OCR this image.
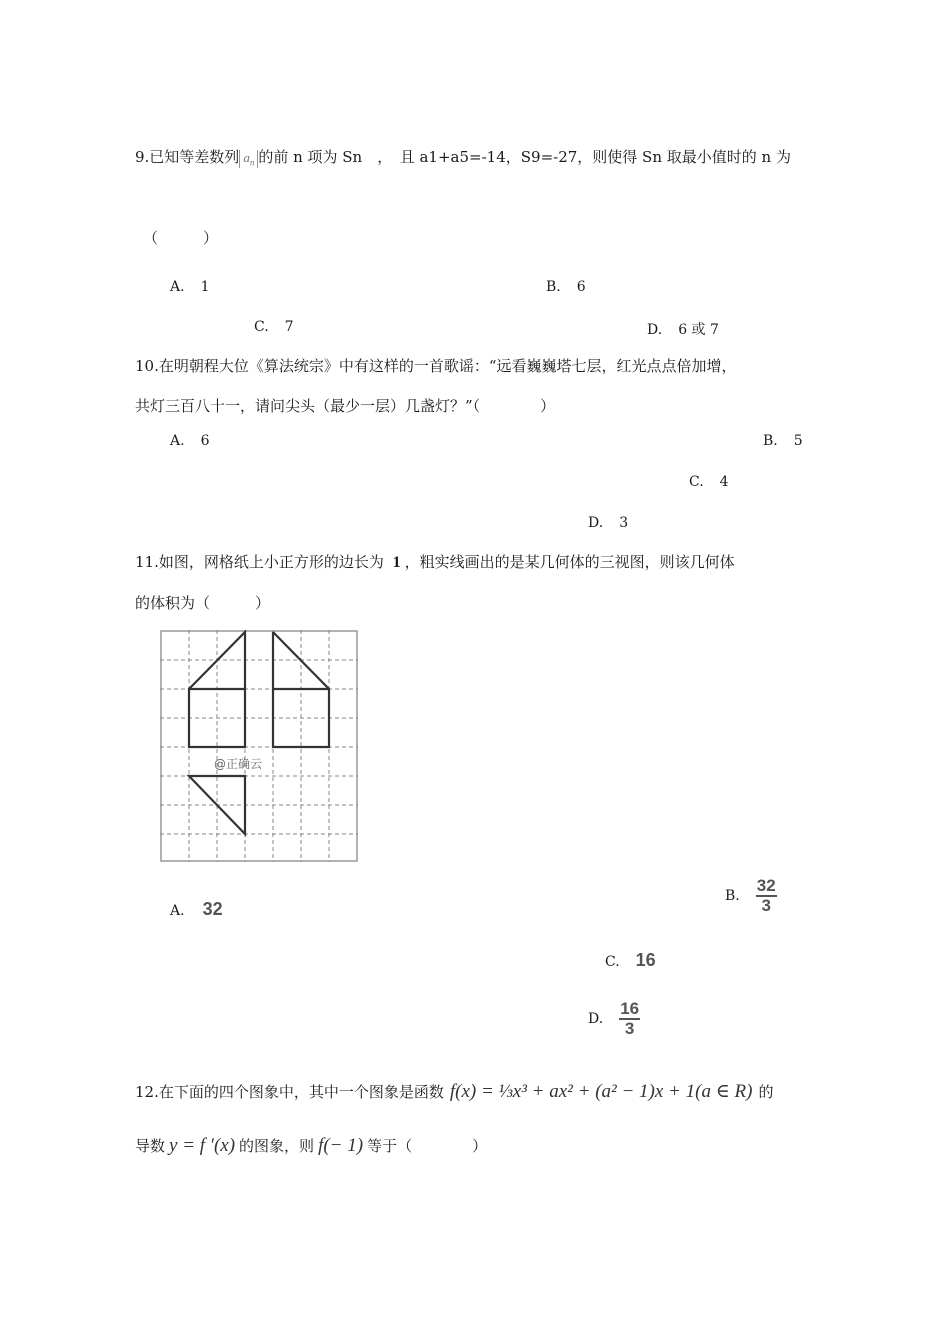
9.已知等差数列 $a_n$ 的前 n 项为 Sn　，　且 a1+a5=-14，S9=-27，则使得 Sn 取最小值时的 n 为
（　　　）
A. 1	B. 6
C. 7	D. 6 或 7
10.在明朝程大位《算法统宗》中有这样的一首歌谣：“远看巍巍塔七层，红光点点倍加增，
共灯三百八十一，请问尖头（最少一层）几盏灯？”（　　　　）
A. 6	B. 5
C. 4
D. 3
11.如图，网格纸上小正方形的边长为 1 ，粗实线画出的是某几何体的三视图，则该几何体
的体积为（　　　）
@正确云
A. 32
B. $\frac{32}{3}$
C. 16
D. $\frac{16}{3}$
12.在下面的四个图象中，其中一个图象是函数 f(x) = ⅓x³ + ax² + (a² − 1)x + 1(a ∈ R) 的
导数 y = f ′(x) 的图象，则 f(− 1) 等于（　　　　）
